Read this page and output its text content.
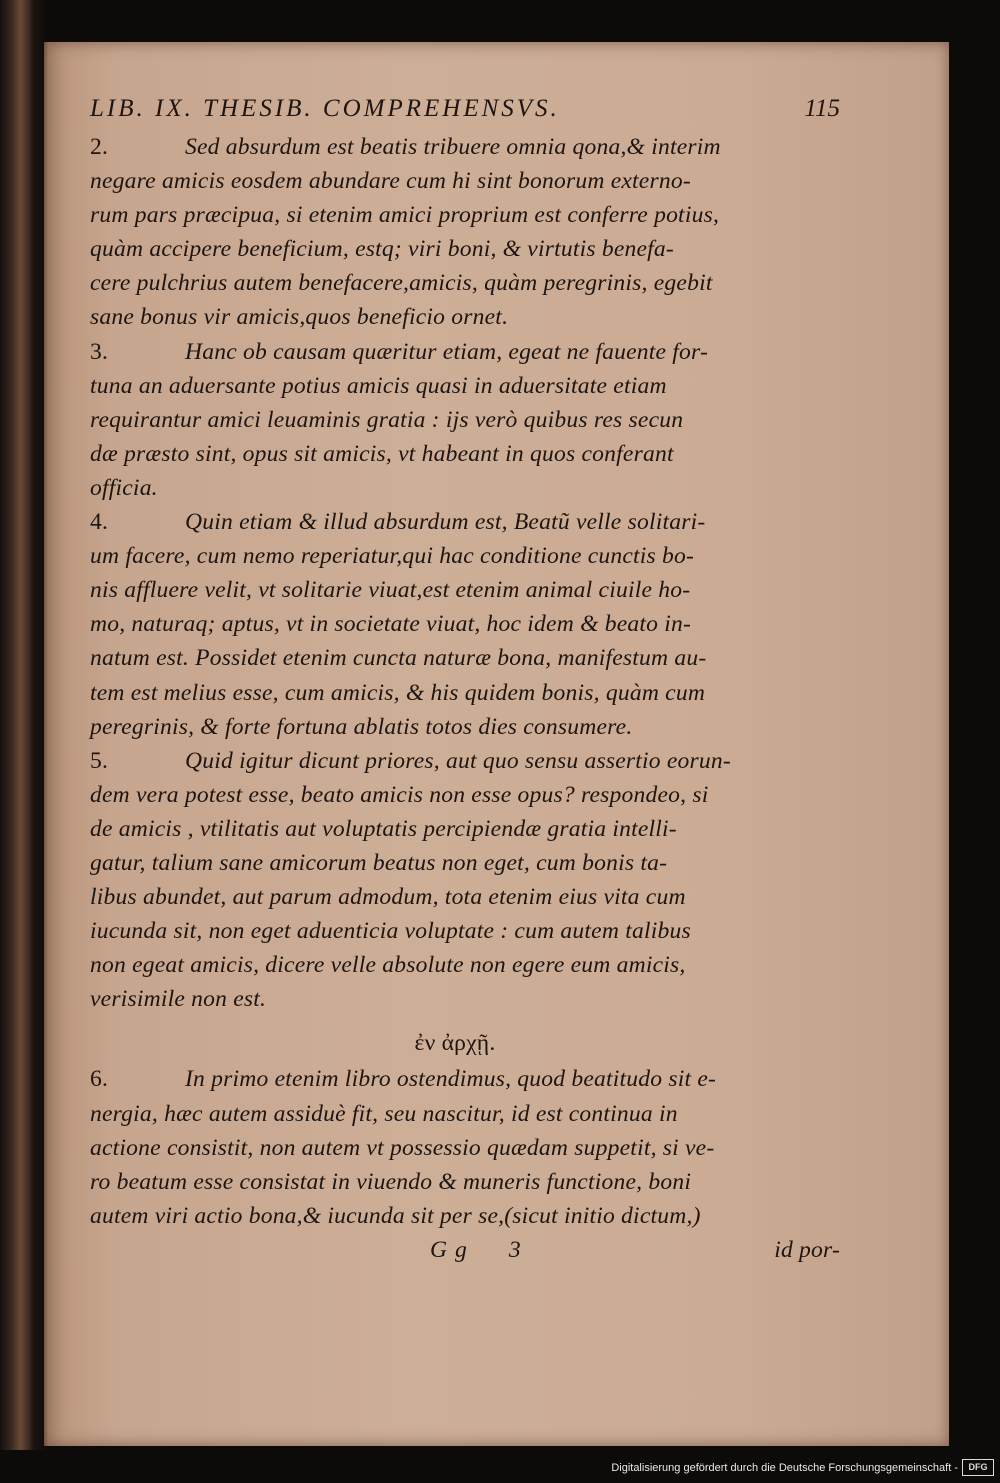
LIB. IX. THESIB. COMPREHENSVS.	115
2.	Sed absurdum est beatis tribuere omnia qona,& interim
negare amicis eosdem abundare cum hi sint bonorum externo-
rum pars præcipua, si etenim amici proprium est conferre potius,
quàm accipere beneficium, estq; viri boni, & virtutis benefa-
cere pulchrius autem benefacere,amicis, quàm peregrinis, egebit
sane bonus vir amicis,quos beneficio ornet.
3.	Hanc ob causam quæritur etiam, egeat ne fauente for-
tuna an aduersante potius amicis quasi in aduersitate etiam
requirantur amici leuaminis gratia : ijs verò quibus res secun
dæ præsto sint, opus sit amicis, vt habeant in quos conferant
officia.
4.	Quin etiam & illud absurdum est, Beatũ velle solitari-
um facere, cum nemo reperiatur,qui hac conditione cunctis bo-
nis affluere velit, vt solitarie viuat,est etenim animal ciuile ho-
mo, naturaq; aptus, vt in societate viuat, hoc idem & beato in-
natum est. Possidet etenim cuncta naturæ bona, manifestum au-
tem est melius esse, cum amicis, & his quidem bonis, quàm cum
peregrinis, & forte fortuna ablatis totos dies consumere.
5.	Quid igitur dicunt priores, aut quo sensu assertio eorun-
dem vera potest esse, beato amicis non esse opus? respondeo, si
de amicis , vtilitatis aut voluptatis percipiendæ gratia intelli-
gatur, talium sane amicorum beatus non eget, cum bonis ta-
libus abundet, aut parum admodum, tota etenim eius vita cum
iucunda sit, non eget aduenticia voluptate : cum autem talibus
non egeat amicis, dicere velle absolute non egere eum amicis,
verisimile non est.
ἐν ἀρχῇ.
6.	In primo etenim libro ostendimus, quod beatitudo sit e-
nergia, hæc autem assiduè fit, seu nascitur, id est continua in
actione consistit, non autem vt possessio quædam suppetit, si ve-
ro beatum esse consistat in viuendo & muneris functione, boni
autem viri actio bona,& iucunda sit per se,(sicut initio dictum,)
Gg 3	id por-
Digitalisierung gefördert durch die Deutsche Forschungsgemeinschaft -	DFG
